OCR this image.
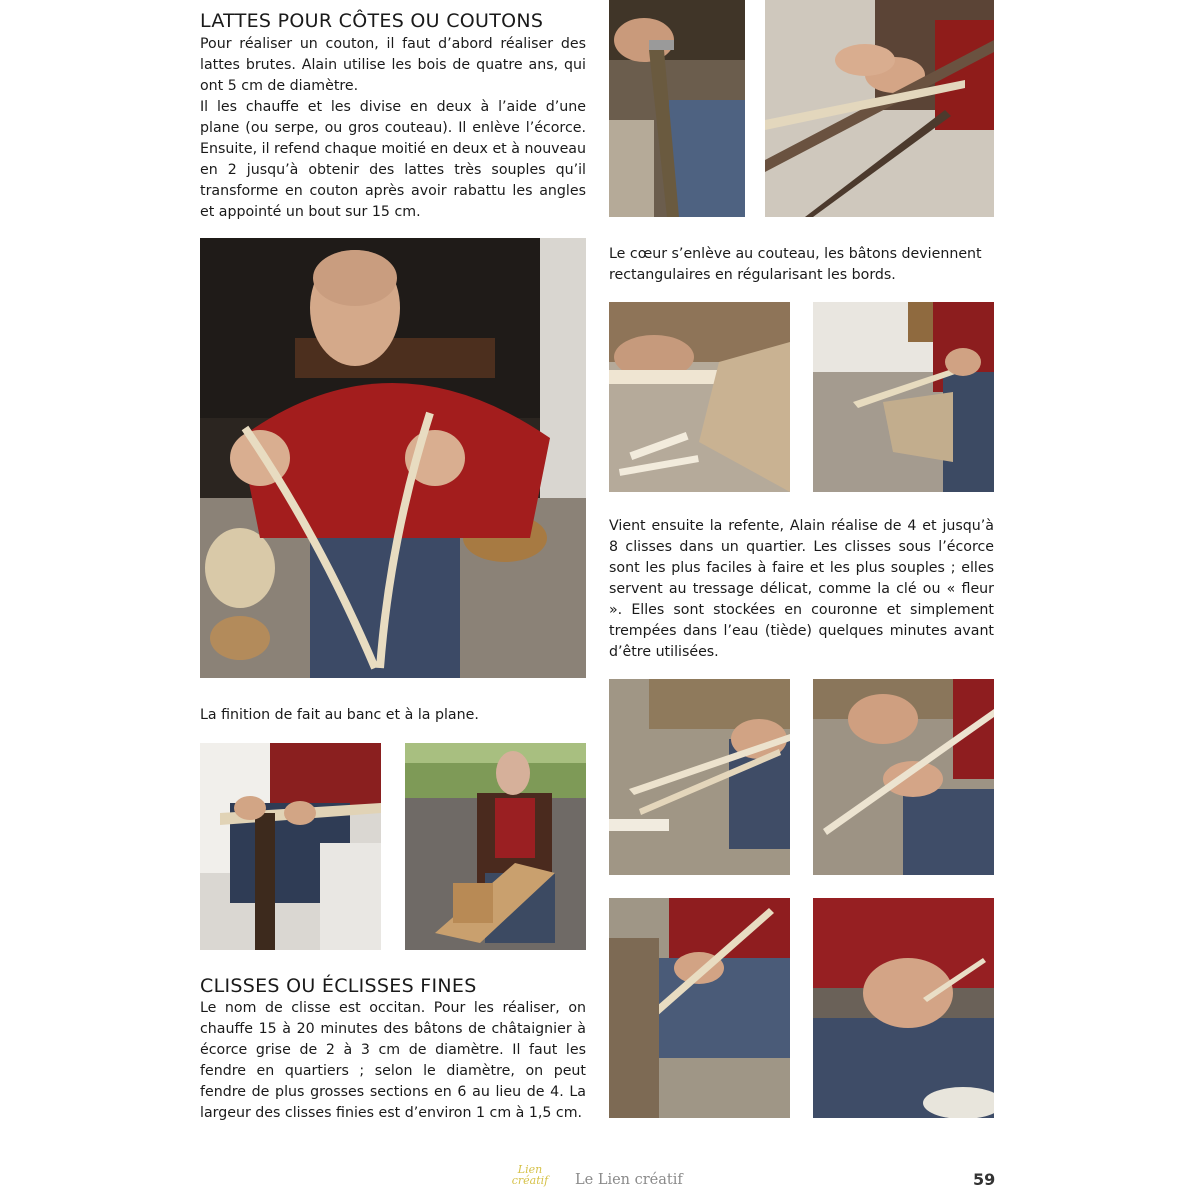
LATTES POUR CÔTES OU COUTONS

Pour réaliser un couton, il faut d’abord réaliser des lattes brutes. Alain utilise les bois de quatre ans, qui ont 5 cm de diamètre.

Il les chauffe et les divise en deux à l’aide d’une plane (ou serpe, ou gros couteau). Il enlève l’écorce. Ensuite, il refend chaque moitié en deux et à nouveau en 2 jusqu’à obtenir des lattes très souples qu’il transforme en couton après avoir rabattu les angles et appointé un bout sur 15 cm.

La finition de fait au banc et à la plane.
CLISSES OU ÉCLISSES FINES
Le nom de clisse est occitan. Pour les réaliser, on chauffe 15 à 20 minutes des bâtons de châtaignier à écorce grise de 2 à 3 cm de diamètre. Il faut les fendre en quartiers ; selon le diamètre, on peut fendre de plus grosses sections en 6 au lieu de 4. La largeur des clisses finies est d’environ 1 cm à 1,5 cm.
Le cœur s’enlève au couteau, les bâtons deviennent rectangulaires en régularisant les bords.
Vient ensuite la refente, Alain réalise de 4 et jusqu’à 8 clisses dans un quartier. Les clisses sous l’écorce sont les plus faciles à faire et les plus souples ; elles servent au tressage délicat, comme la clé ou « fleur ». Elles sont stockées en couronne et simplement trempées dans l’eau (tiède) quelques minutes avant d’être utilisées.
Lien
créatif	Le Lien créatif	59
